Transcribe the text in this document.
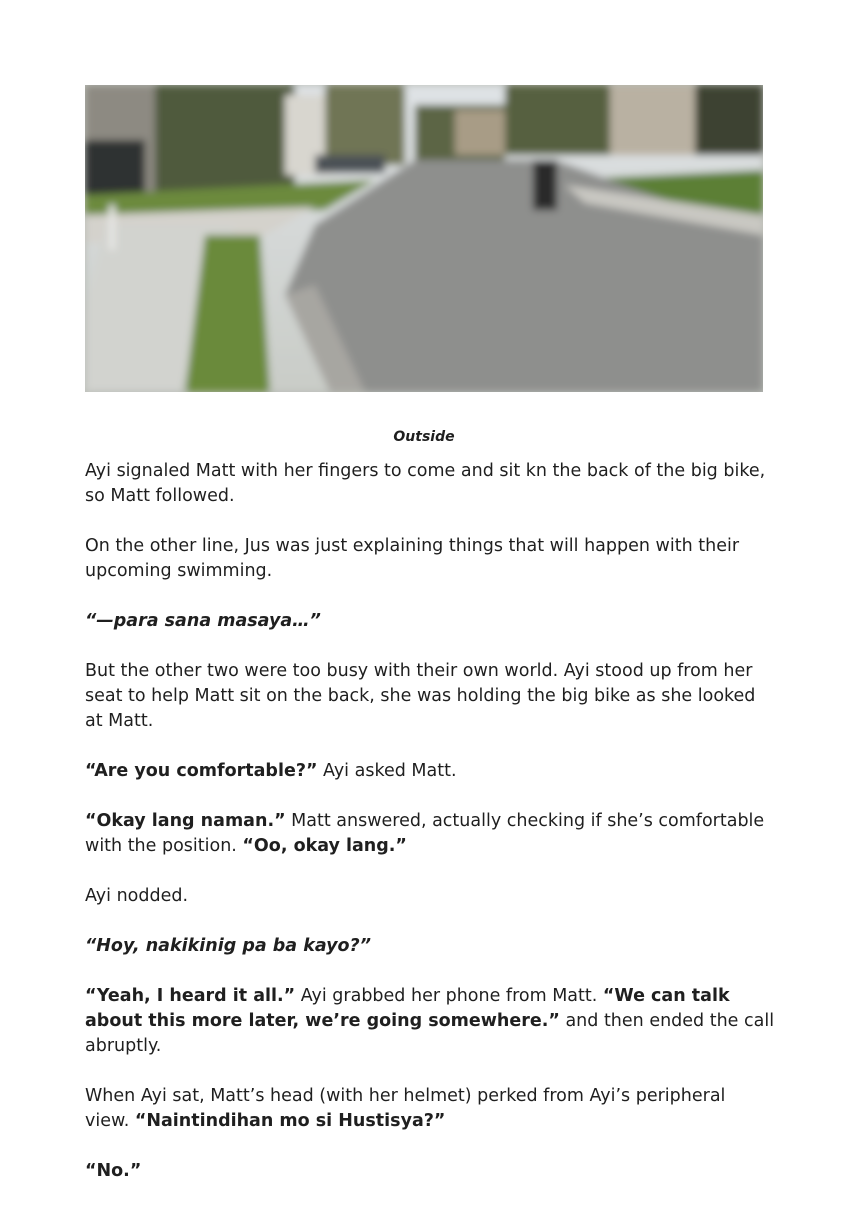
Outside

Ayi signaled Matt with her fingers to come and sit kn the back of the big bike, so Matt followed.

On the other line, Jus was just explaining things that will happen with their upcoming swimming.

“—para sana masaya…”

But the other two were too busy with their own world. Ayi stood up from her seat to help Matt sit on the back, she was holding the big bike as she looked at Matt.

“Are you comfortable?” Ayi asked Matt.

“Okay lang naman.” Matt answered, actually checking if she’s comfortable with the position. “Oo, okay lang.”

Ayi nodded.

“Hoy, nakikinig pa ba kayo?”

“Yeah, I heard it all.” Ayi grabbed her phone from Matt. “We can talk about this more later, we’re going somewhere.” and then ended the call abruptly.

When Ayi sat, Matt’s head (with her helmet) perked from Ayi’s peripheral view. “Naintindihan mo si Hustisya?”

“No.”
